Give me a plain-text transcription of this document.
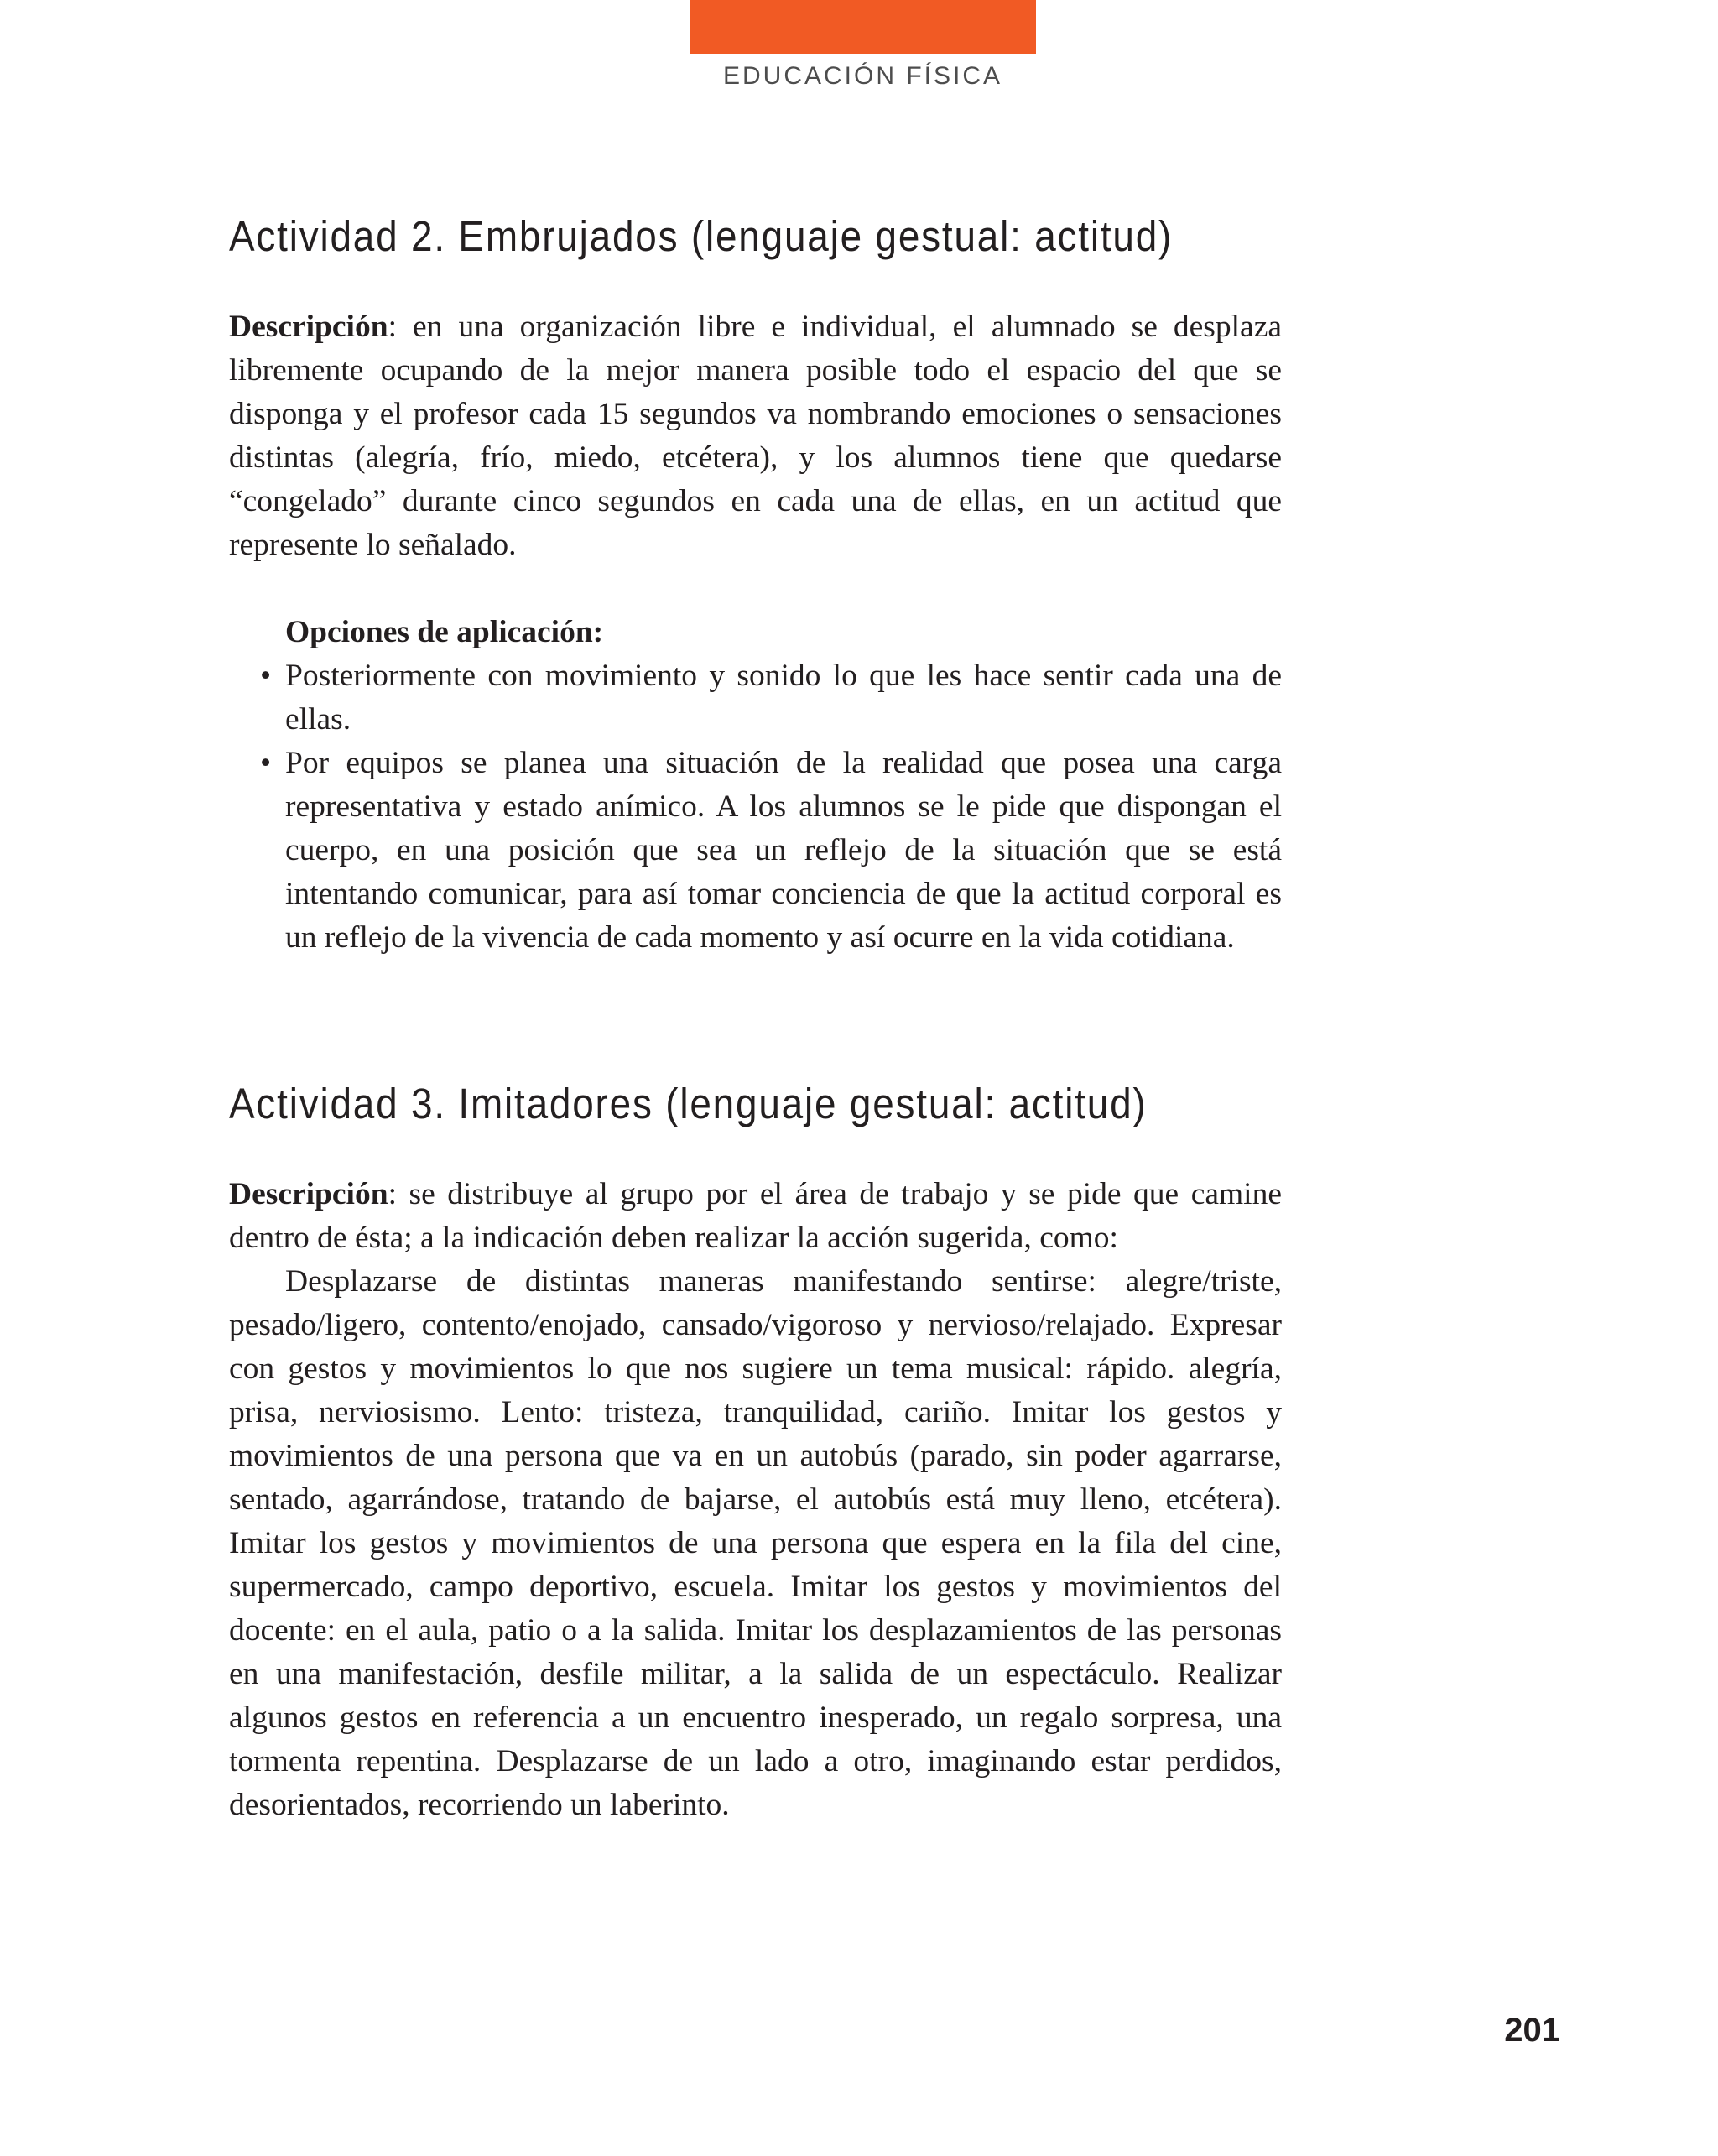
EDUCACIÓN FÍSICA
Actividad 2. Embrujados (lenguaje gestual: actitud)

Descripción: en una organización libre e individual, el alumnado se desplaza libremente ocupando de la mejor manera posible todo el espacio del que se disponga y el profesor cada 15 segundos va nombrando emociones o sensaciones distintas (alegría, frío, miedo, etcétera), y los alumnos tiene que quedarse “congelado” durante cinco segundos en cada una de ellas, en un actitud que represente lo señalado.

Opciones de aplicación:

• Posteriormente con movimiento y sonido lo que les hace sentir cada una de ellas.
• Por equipos se planea una situación de la realidad que posea una carga representativa y estado anímico. A los alumnos se le pide que dispongan el cuerpo, en una posición que sea un reflejo de la situación que se está intentando comunicar, para así tomar conciencia de que la actitud corporal es un reflejo de la vivencia de cada momento y así ocurre en la vida cotidiana.
Actividad 3. Imitadores (lenguaje gestual: actitud)

Descripción: se distribuye al grupo por el área de trabajo y se pide que camine dentro de ésta; a la indicación deben realizar la acción sugerida, como:

Desplazarse de distintas maneras manifestando sentirse: alegre/triste, pesado/ligero, contento/enojado, cansado/vigoroso y nervioso/relajado. Expresar con gestos y movimientos lo que nos sugiere un tema musical: rápido. alegría, prisa, nerviosismo. Lento: tristeza, tranquilidad, cariño. Imitar los gestos y movimientos de una persona que va en un autobús (parado, sin poder agarrarse, sentado, agarrándose, tratando de bajarse, el autobús está muy lleno, etcétera). Imitar los gestos y movimientos de una persona que espera en la fila del cine, supermercado, campo deportivo, escuela. Imitar los gestos y movimientos del docente: en el aula, patio o a la salida. Imitar los desplazamientos de las personas en una manifestación, desfile militar, a la salida de un espectáculo. Realizar algunos gestos en referencia a un encuentro inesperado, un regalo sorpresa, una tormenta repentina. Desplazarse de un lado a otro, imaginando estar perdidos, desorientados, recorriendo un laberinto.

201
